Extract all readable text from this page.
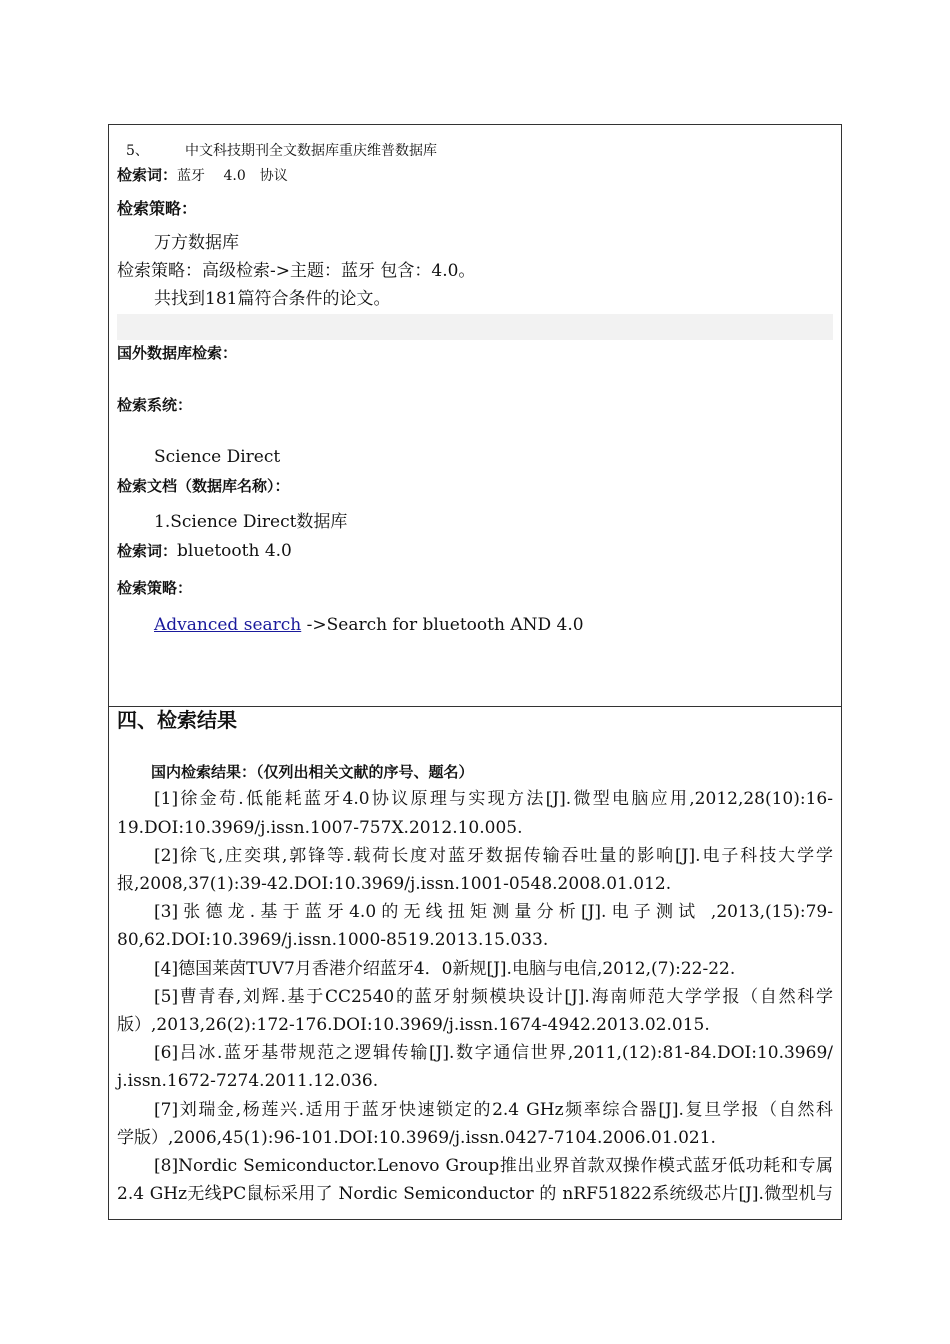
5、	中文科技期刊全文数据库重庆维普数据库
检索词：蓝牙　 4.0　协议
检索策略：
万方数据库
检索策略：高级检索->主题：蓝牙 包含：4.0。
共找到181篇符合条件的论文。
国外数据库检索：
检索系统：
Science Direct
检索文档（数据库名称）：
1.Science Direct数据库
检索词：bluetooth 4.0
检索策略：
Advanced search ->Search for bluetooth AND 4.0
四、检索结果
国内检索结果：（仅列出相关文献的序号、题名）
[1]徐金苟.低能耗蓝牙4.0协议原理与实现方法[J].微型电脑应用,2012,28(10):16-
19.DOI:10.3969/j.issn.1007-757X.2012.10.005.
[2]徐飞,庄奕琪,郭锋等.载荷长度对蓝牙数据传输吞吐量的影响[J].电子科技大学学
报,2008,37(1):39-42.DOI:10.3969/j.issn.1001-0548.2008.01.012.
[3]张德龙.基于蓝牙4.0的无线扭矩测量分析[J].电子测试 ,2013,(15):79-
80,62.DOI:10.3969/j.issn.1000-8519.2013.15.033.
[4]德国莱茵TUV7月香港介绍蓝牙4．0新规[J].电脑与电信,2012,(7):22-22.
[5]曹青春,刘辉.基于CC2540的蓝牙射频模块设计[J].海南师范大学学报（自然科学
版）,2013,26(2):172-176.DOI:10.3969/j.issn.1674-4942.2013.02.015.
[6]吕冰.蓝牙基带规范之逻辑传输[J].数字通信世界,2011,(12):81-84.DOI:10.3969/
j.issn.1672-7274.2011.12.036.
[7]刘瑞金,杨莲兴.适用于蓝牙快速锁定的2.4 GHz频率综合器[J].复旦学报（自然科
学版）,2006,45(1):96-101.DOI:10.3969/j.issn.0427-7104.2006.01.021.
[8]Nordic Semiconductor.Lenovo Group推出业界首款双操作模式蓝牙低功耗和专属
2.4 GHz无线PC鼠标采用了 Nordic Semiconductor 的 nRF51822系统级芯片[J].微型机与
